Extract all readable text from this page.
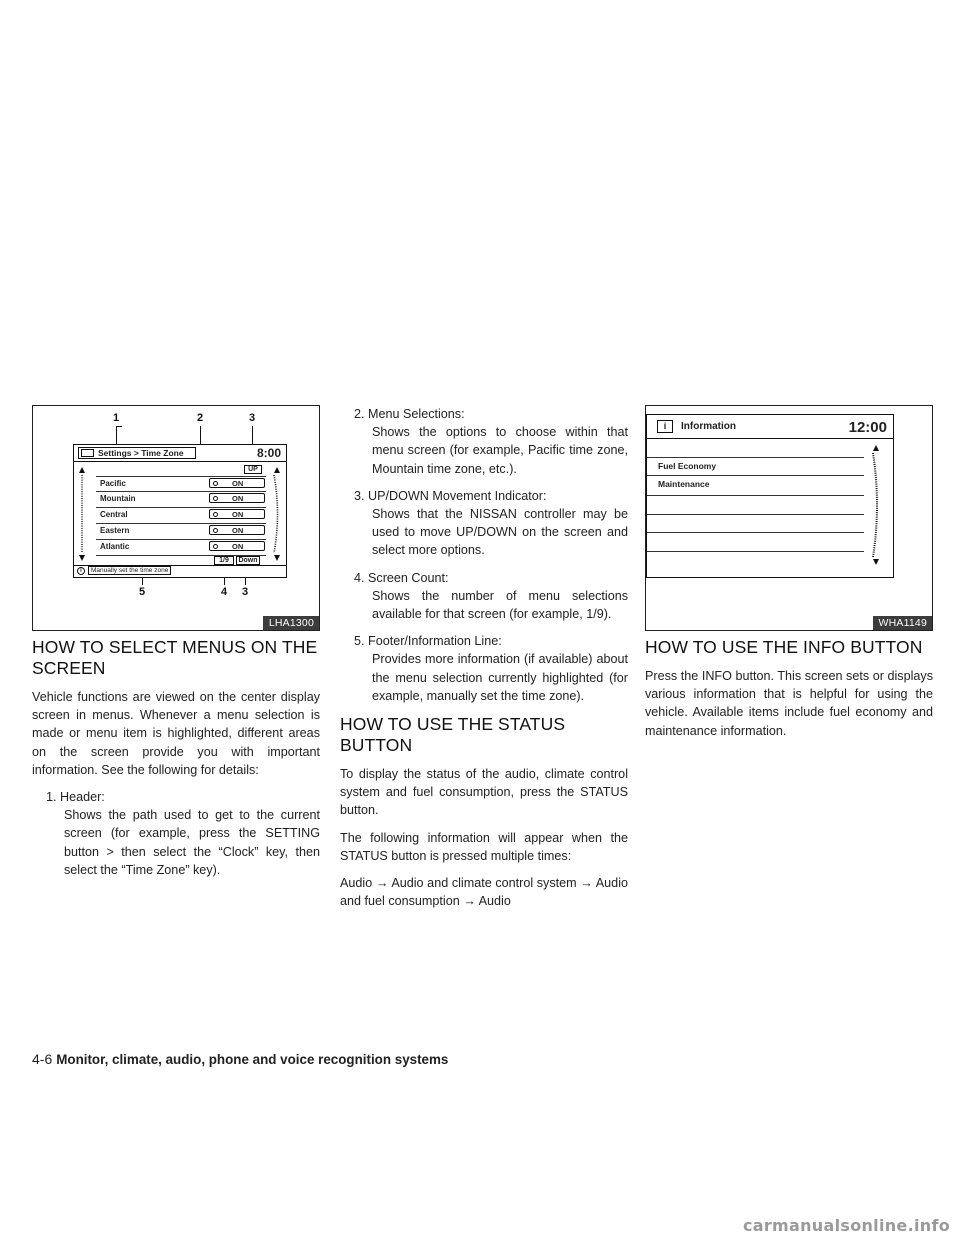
1	2	3
5	4 3
Settings > Time Zone	8:00
UP
Pacific	ON
Mountain	ON
Central	ON
Eastern	ON
Atlantic	ON
1/9	Down
i	Manually set the time zone
LHA1300
HOW TO SELECT MENUS ON THE SCREEN

Vehicle functions are viewed on the center display screen in menus. Whenever a menu selection is made or menu item is highlighted, different areas on the screen provide you with important information. See the following for details:

1. Header:
Shows the path used to get to the current screen (for example, press the SETTING button > then select the “Clock” key, then select the “Time Zone” key).
2. Menu Selections:
Shows the options to choose within that menu screen (for example, Pacific time zone, Mountain time zone, etc.).
3. UP/DOWN Movement Indicator:
Shows that the NISSAN controller may be used to move UP/DOWN on the screen and select more options.
4. Screen Count:
Shows the number of menu selections available for that screen (for example, 1/9).
5. Footer/Information Line:
Provides more information (if available) about the menu selection currently highlighted (for example, manually set the time zone).
HOW TO USE THE STATUS BUTTON

To display the status of the audio, climate control system and fuel consumption, press the STATUS button.

The following information will appear when the STATUS button is pressed multiple times:

Audio → Audio and climate control system → Audio and fuel consumption → Audio

i	Information	12:00
Fuel Economy
Maintenance
WHA1149
HOW TO USE THE INFO BUTTON

Press the INFO button. This screen sets or displays various information that is helpful for using the vehicle. Available items include fuel economy and maintenance information.

4-6 Monitor, climate, audio, phone and voice recognition systems
carmanualsonline.info
